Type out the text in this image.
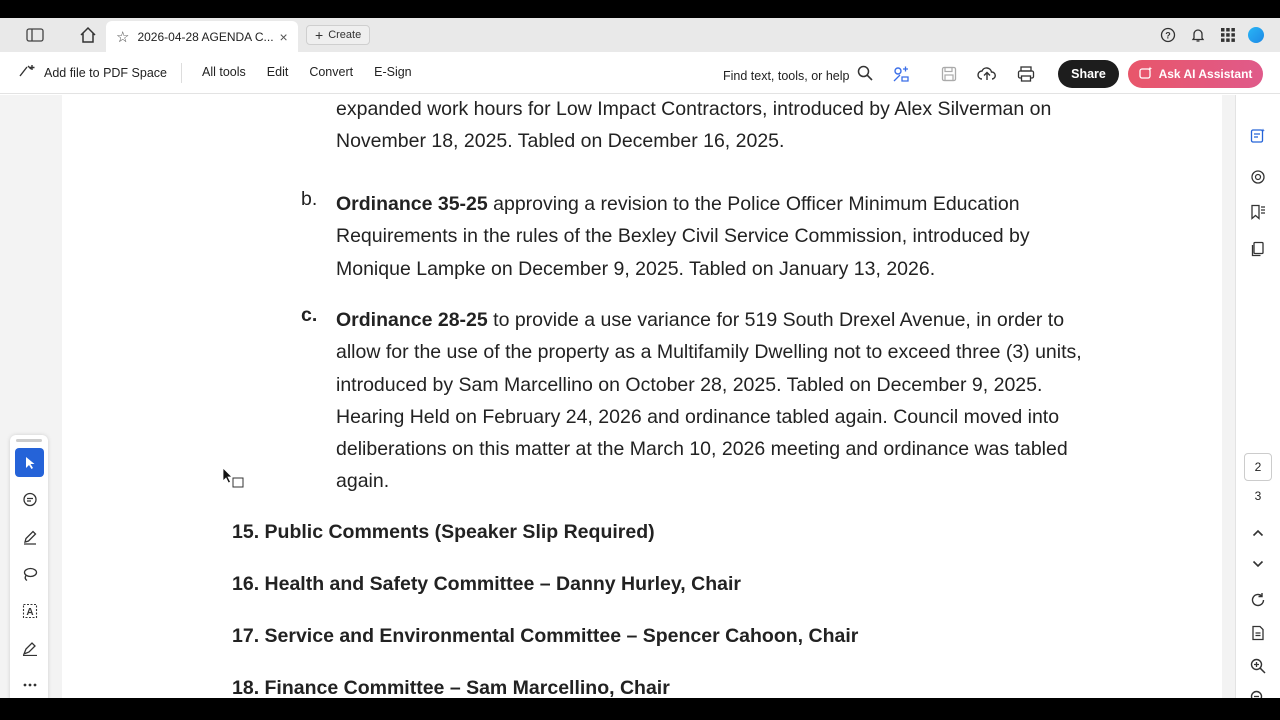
☆ 2026-04-28 AGENDA C... × + Create	?
Add file to PDF Space	All tools Edit Convert E-Sign	Find text, tools, or help	Share	Ask AI Assistant
expanded work hours for Low Impact Contractors, introduced by Alex Silverman on November 18, 2025. Tabled on December 16, 2025.
b. Ordinance 35-25 approving a revision to the Police Officer Minimum Education Requirements in the rules of the Bexley Civil Service Commission, introduced by Monique Lampke on December 9, 2025. Tabled on January 13, 2026.
c. Ordinance 28-25 to provide a use variance for 519 South Drexel Avenue, in order to allow for the use of the property as a Multifamily Dwelling not to exceed three (3) units, introduced by Sam Marcellino on October 28, 2025. Tabled on December 9, 2025. Hearing Held on February 24, 2026 and ordinance tabled again. Council moved into deliberations on this matter at the March 10, 2026 meeting and ordinance was tabled again.
15. Public Comments (Speaker Slip Required)
16. Health and Safety Committee – Danny Hurley, Chair
17. Service and Environmental Committee – Spencer Cahoon, Chair
18. Finance Committee – Sam Marcellino, Chair
A
2
3
